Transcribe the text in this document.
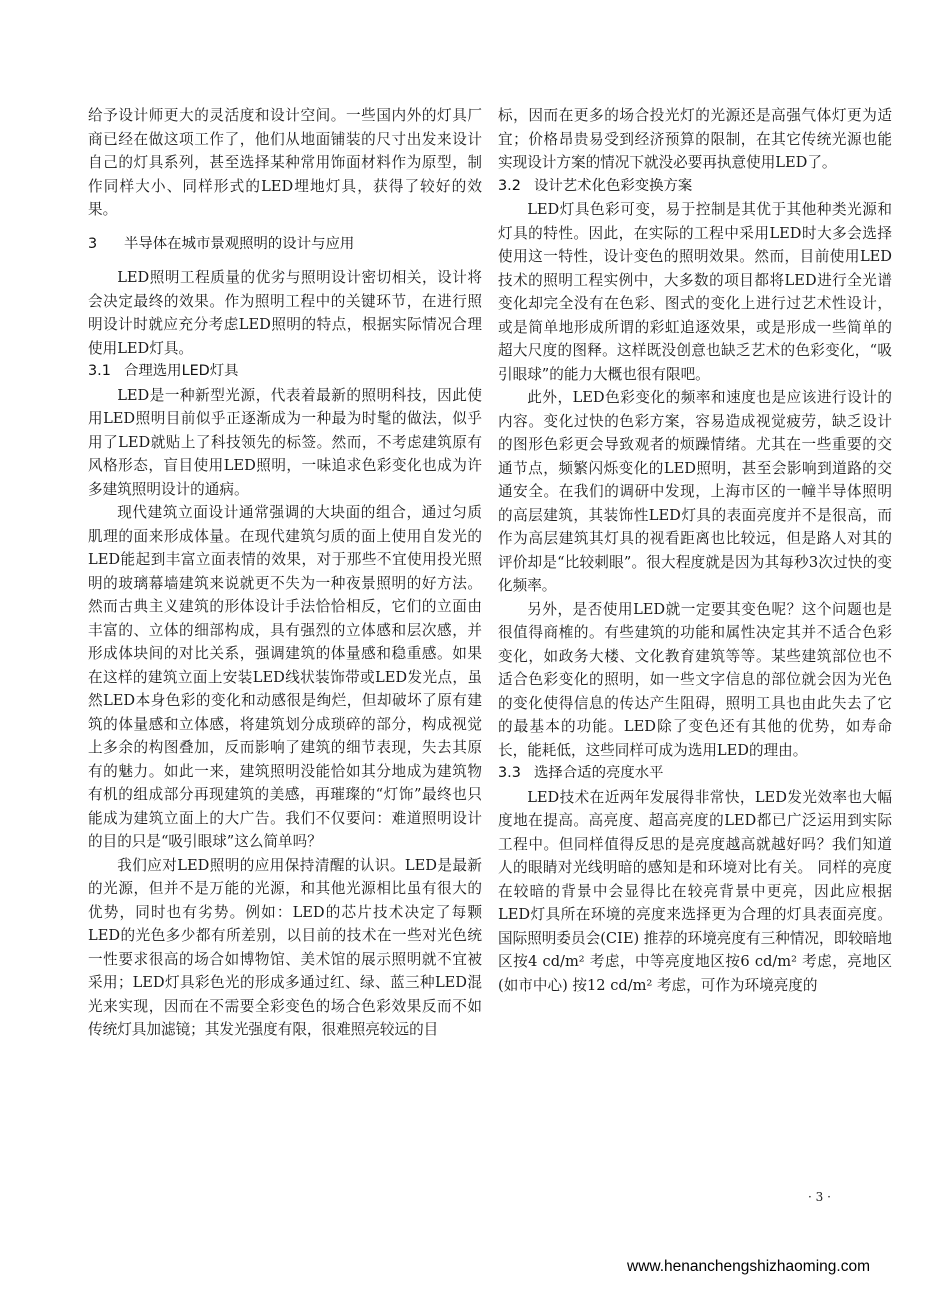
给予设计师更大的灵活度和设计空间。一些国内外的灯具厂商已经在做这项工作了，他们从地面铺装的尺寸出发来设计自己的灯具系列，甚至选择某种常用饰面材料作为原型，制作同样大小、同样形式的LED埋地灯具，获得了较好的效果。

3 半导体在城市景观照明的设计与应用

LED照明工程质量的优劣与照明设计密切相关，设计将会决定最终的效果。作为照明工程中的关键环节，在进行照明设计时就应充分考虑LED照明的特点，根据实际情况合理使用LED灯具。

3.1 合理选用LED灯具

LED是一种新型光源，代表着最新的照明科技，因此使用LED照明目前似乎正逐渐成为一种最为时髦的做法，似乎用了LED就贴上了科技领先的标签。然而，不考虑建筑原有风格形态，盲目使用LED照明，一味追求色彩变化也成为许多建筑照明设计的通病。

现代建筑立面设计通常强调的大块面的组合，通过匀质肌理的面来形成体量。在现代建筑匀质的面上使用自发光的LED能起到丰富立面表情的效果，对于那些不宜使用投光照明的玻璃幕墙建筑来说就更不失为一种夜景照明的好方法。然而古典主义建筑的形体设计手法恰恰相反，它们的立面由丰富的、立体的细部构成，具有强烈的立体感和层次感，并形成体块间的对比关系，强调建筑的体量感和稳重感。如果在这样的建筑立面上安装LED线状装饰带或LED发光点，虽然LED本身色彩的变化和动感很是绚烂，但却破坏了原有建筑的体量感和立体感，将建筑划分成琐碎的部分，构成视觉上多余的构图叠加，反而影响了建筑的细节表现，失去其原有的魅力。如此一来，建筑照明没能恰如其分地成为建筑物有机的组成部分再现建筑的美感，再璀璨的“灯饰”最终也只能成为建筑立面上的大广告。我们不仅要问：难道照明设计的目的只是“吸引眼球”这么简单吗？

我们应对LED照明的应用保持清醒的认识。LED是最新的光源，但并不是万能的光源，和其他光源相比虽有很大的优势，同时也有劣势。例如：LED的芯片技术决定了每颗LED的光色多少都有所差别，以目前的技术在一些对光色统一性要求很高的场合如博物馆、美术馆的展示照明就不宜被采用；LED灯具彩色光的形成多通过红、绿、蓝三种LED混光来实现，因而在不需要全彩变色的场合色彩效果反而不如传统灯具加滤镜；其发光强度有限，很难照亮较远的目

标，因而在更多的场合投光灯的光源还是高强气体灯更为适宜；价格昂贵易受到经济预算的限制，在其它传统光源也能实现设计方案的情况下就没必要再执意使用LED了。

3.2 设计艺术化色彩变换方案

LED灯具色彩可变，易于控制是其优于其他种类光源和灯具的特性。因此，在实际的工程中采用LED时大多会选择使用这一特性，设计变色的照明效果。然而，目前使用LED技术的照明工程实例中，大多数的项目都将LED进行全光谱变化却完全没有在色彩、图式的变化上进行过艺术性设计，或是简单地形成所谓的彩虹追逐效果，或是形成一些简单的超大尺度的图释。这样既没创意也缺乏艺术的色彩变化，“吸引眼球”的能力大概也很有限吧。

此外，LED色彩变化的频率和速度也是应该进行设计的内容。变化过快的色彩方案，容易造成视觉疲劳，缺乏设计的图形色彩更会导致观者的烦躁情绪。尤其在一些重要的交通节点，频繁闪烁变化的LED照明，甚至会影响到道路的交通安全。在我们的调研中发现，上海市区的一幢半导体照明的高层建筑，其装饰性LED灯具的表面亮度并不是很高，而作为高层建筑其灯具的视看距离也比较远，但是路人对其的评价却是“比较刺眼”。很大程度就是因为其每秒3次过快的变化频率。

另外，是否使用LED就一定要其变色呢？这个问题也是很值得商榷的。有些建筑的功能和属性决定其并不适合色彩变化，如政务大楼、文化教育建筑等等。某些建筑部位也不适合色彩变化的照明，如一些文字信息的部位就会因为光色的变化使得信息的传达产生阻碍，照明工具也由此失去了它的最基本的功能。LED除了变色还有其他的优势，如寿命长，能耗低，这些同样可成为选用LED的理由。

3.3 选择合适的亮度水平

LED技术在近两年发展得非常快，LED发光效率也大幅度地在提高。高亮度、超高亮度的LED都已广泛运用到实际工程中。但同样值得反思的是亮度越高就越好吗？我们知道人的眼睛对光线明暗的感知是和环境对比有关。 同样的亮度在较暗的背景中会显得比在较亮背景中更亮，因此应根据LED灯具所在环境的亮度来选择更为合理的灯具表面亮度。国际照明委员会(CIE) 推荐的环境亮度有三种情况，即较暗地区按4 cd/m² 考虑，中等亮度地区按6 cd/m² 考虑，亮地区(如市中心) 按12 cd/m² 考虑，可作为环境亮度的

· 3 ·
www.henanchengshizhaoming.com
